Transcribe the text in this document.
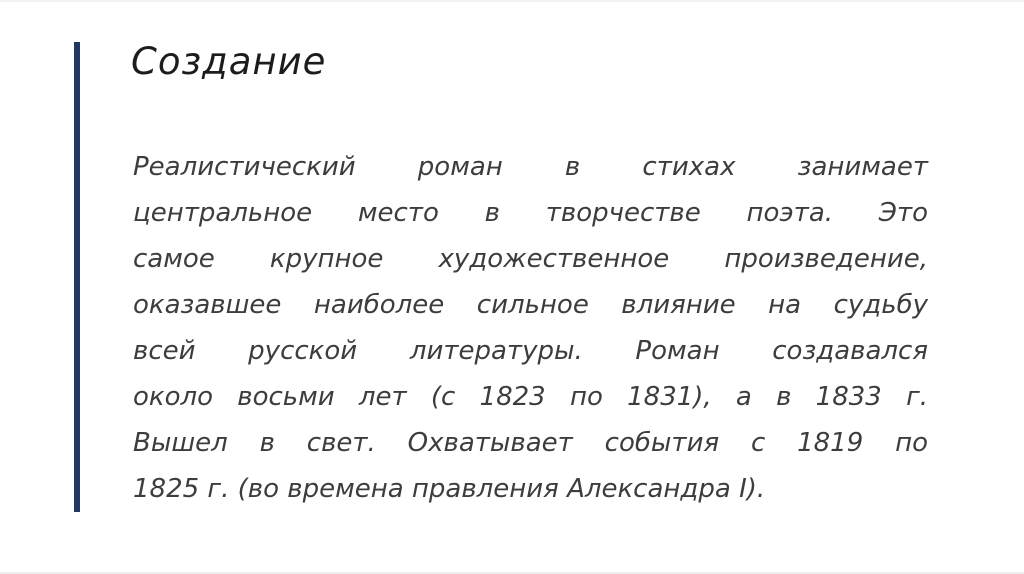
Создание
Реалистический роман в стихах занимает
центральное место в творчестве поэта. Это
самое крупное художественное произведение,
оказавшее наиболее сильное влияние на судьбу
всей русской литературы. Роман создавался
около восьми лет (с 1823 по 1831), а в 1833 г.
Вышел в свет. Охватывает события с 1819 по
1825 г. (во времена правления Александра I).
